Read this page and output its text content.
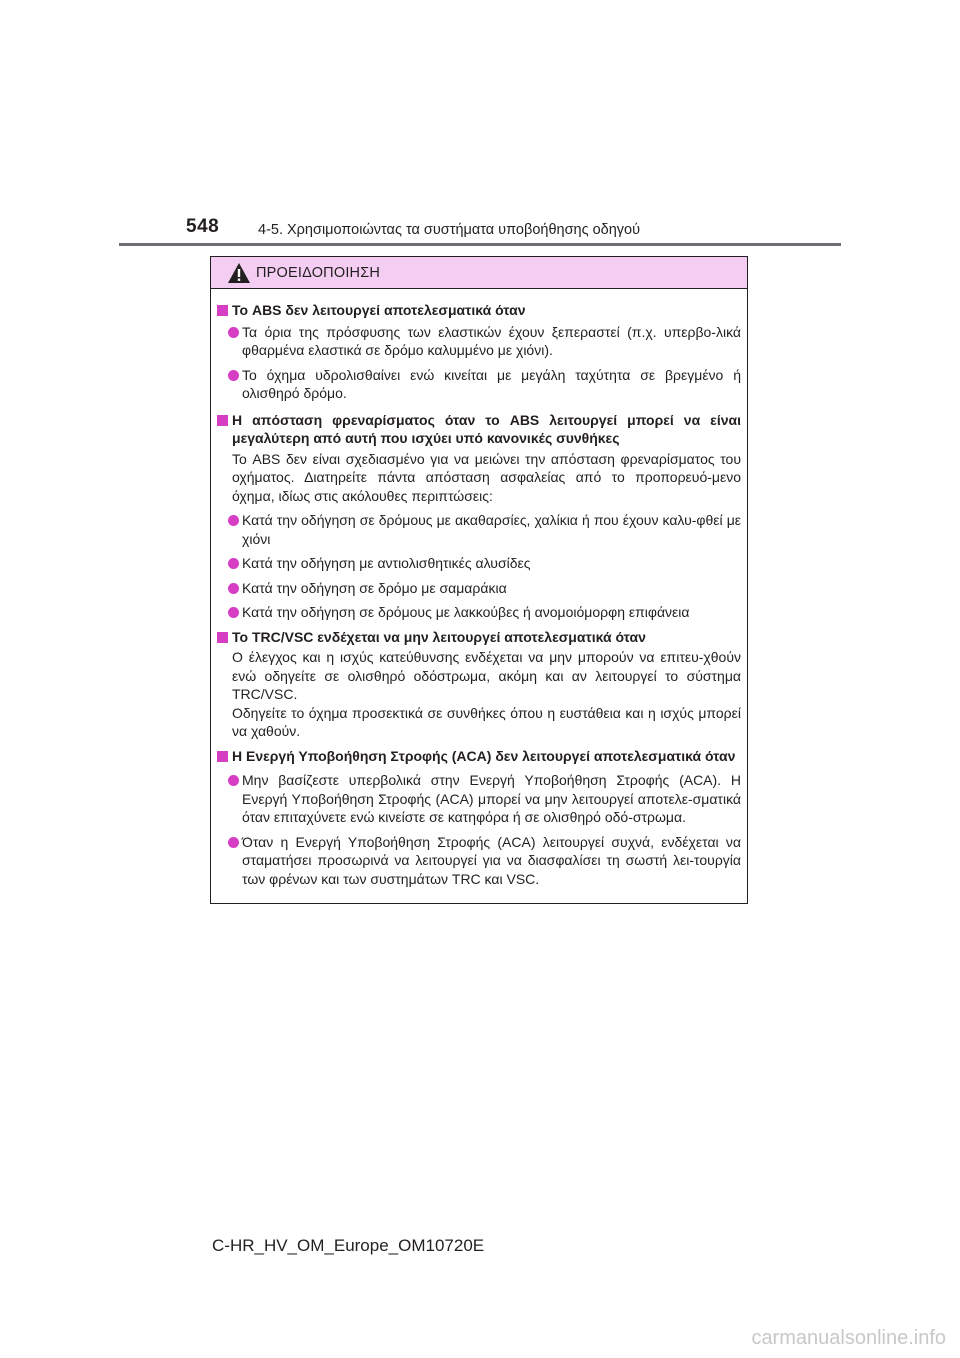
548	4-5. Χρησιμοποιώντας τα συστήματα υποβοήθησης οδηγού
ΠΡΟΕΙΔΟΠΟΙΗΣΗ
Το ABS δεν λειτουργεί αποτελεσματικά όταν
Τα όρια της πρόσφυσης των ελαστικών έχουν ξεπεραστεί (π.χ. υπερβο-λικά φθαρμένα ελαστικά σε δρόμο καλυμμένο με χιόνι).
Το όχημα υδρολισθαίνει ενώ κινείται με μεγάλη ταχύτητα σε βρεγμένο ή ολισθηρό δρόμο.
Η απόσταση φρεναρίσματος όταν το ABS λειτουργεί μπορεί να είναι μεγαλύτερη από αυτή που ισχύει υπό κανονικές συνθήκες
Το ABS δεν είναι σχεδιασμένο για να μειώνει την απόσταση φρεναρίσματος του οχήματος. Διατηρείτε πάντα απόσταση ασφαλείας από το προπορευό-μενο όχημα, ιδίως στις ακόλουθες περιπτώσεις:
Κατά την οδήγηση σε δρόμους με ακαθαρσίες, χαλίκια ή που έχουν καλυ-φθεί με χιόνι
Κατά την οδήγηση με αντιολισθητικές αλυσίδες
Κατά την οδήγηση σε δρόμο με σαμαράκια
Κατά την οδήγηση σε δρόμους με λακκούβες ή ανομοιόμορφη επιφάνεια
Το TRC/VSC ενδέχεται να μην λειτουργεί αποτελεσματικά όταν
Ο έλεγχος και η ισχύς κατεύθυνσης ενδέχεται να μην μπορούν να επιτευ-χθούν ενώ οδηγείτε σε ολισθηρό οδόστρωμα, ακόμη και αν λειτουργεί το σύστημα TRC/VSC.
Οδηγείτε το όχημα προσεκτικά σε συνθήκες όπου η ευστάθεια και η ισχύς μπορεί να χαθούν.
Η Ενεργή Υποβοήθηση Στροφής (ACA) δεν λειτουργεί αποτελεσματικά όταν
Μην βασίζεστε υπερβολικά στην Ενεργή Υποβοήθηση Στροφής (ACA). Η Ενεργή Υποβοήθηση Στροφής (ACA) μπορεί να μην λειτουργεί αποτελε-σματικά όταν επιταχύνετε ενώ κινείστε σε κατηφόρα ή σε ολισθηρό οδό-στρωμα.
Όταν η Ενεργή Υποβοήθηση Στροφής (ACA) λειτουργεί συχνά, ενδέχεται να σταματήσει προσωρινά να λειτουργεί για να διασφαλίσει τη σωστή λει-τουργία των φρένων και των συστημάτων TRC και VSC.
C-HR_HV_OM_Europe_OM10720E
carmanualsonline.info
